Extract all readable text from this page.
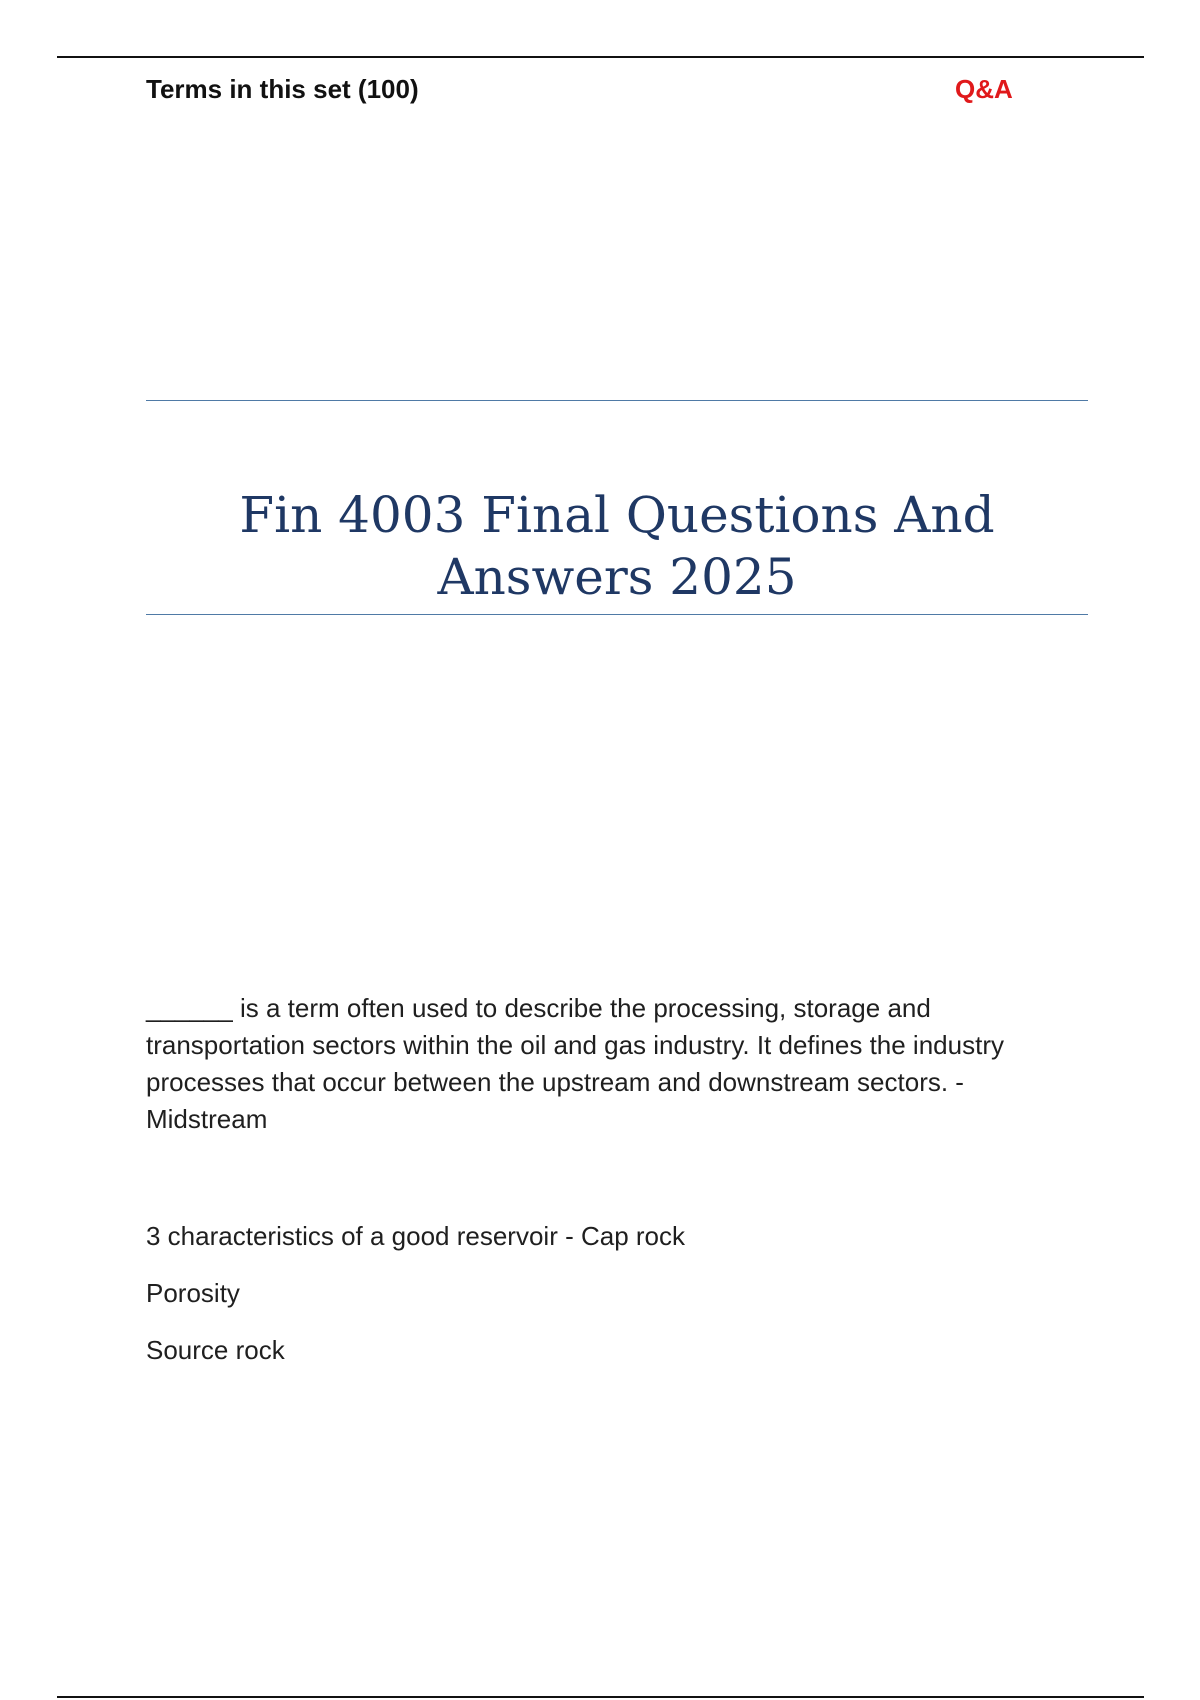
Terms in this set (100)	Q&A
Fin 4003 Final Questions And Answers 2025

______ is a term often used to describe the processing, storage and transportation sectors within the oil and gas industry. It defines the industry processes that occur between the upstream and downstream sectors. - Midstream

3 characteristics of a good reservoir - Cap rock

Porosity

Source rock
